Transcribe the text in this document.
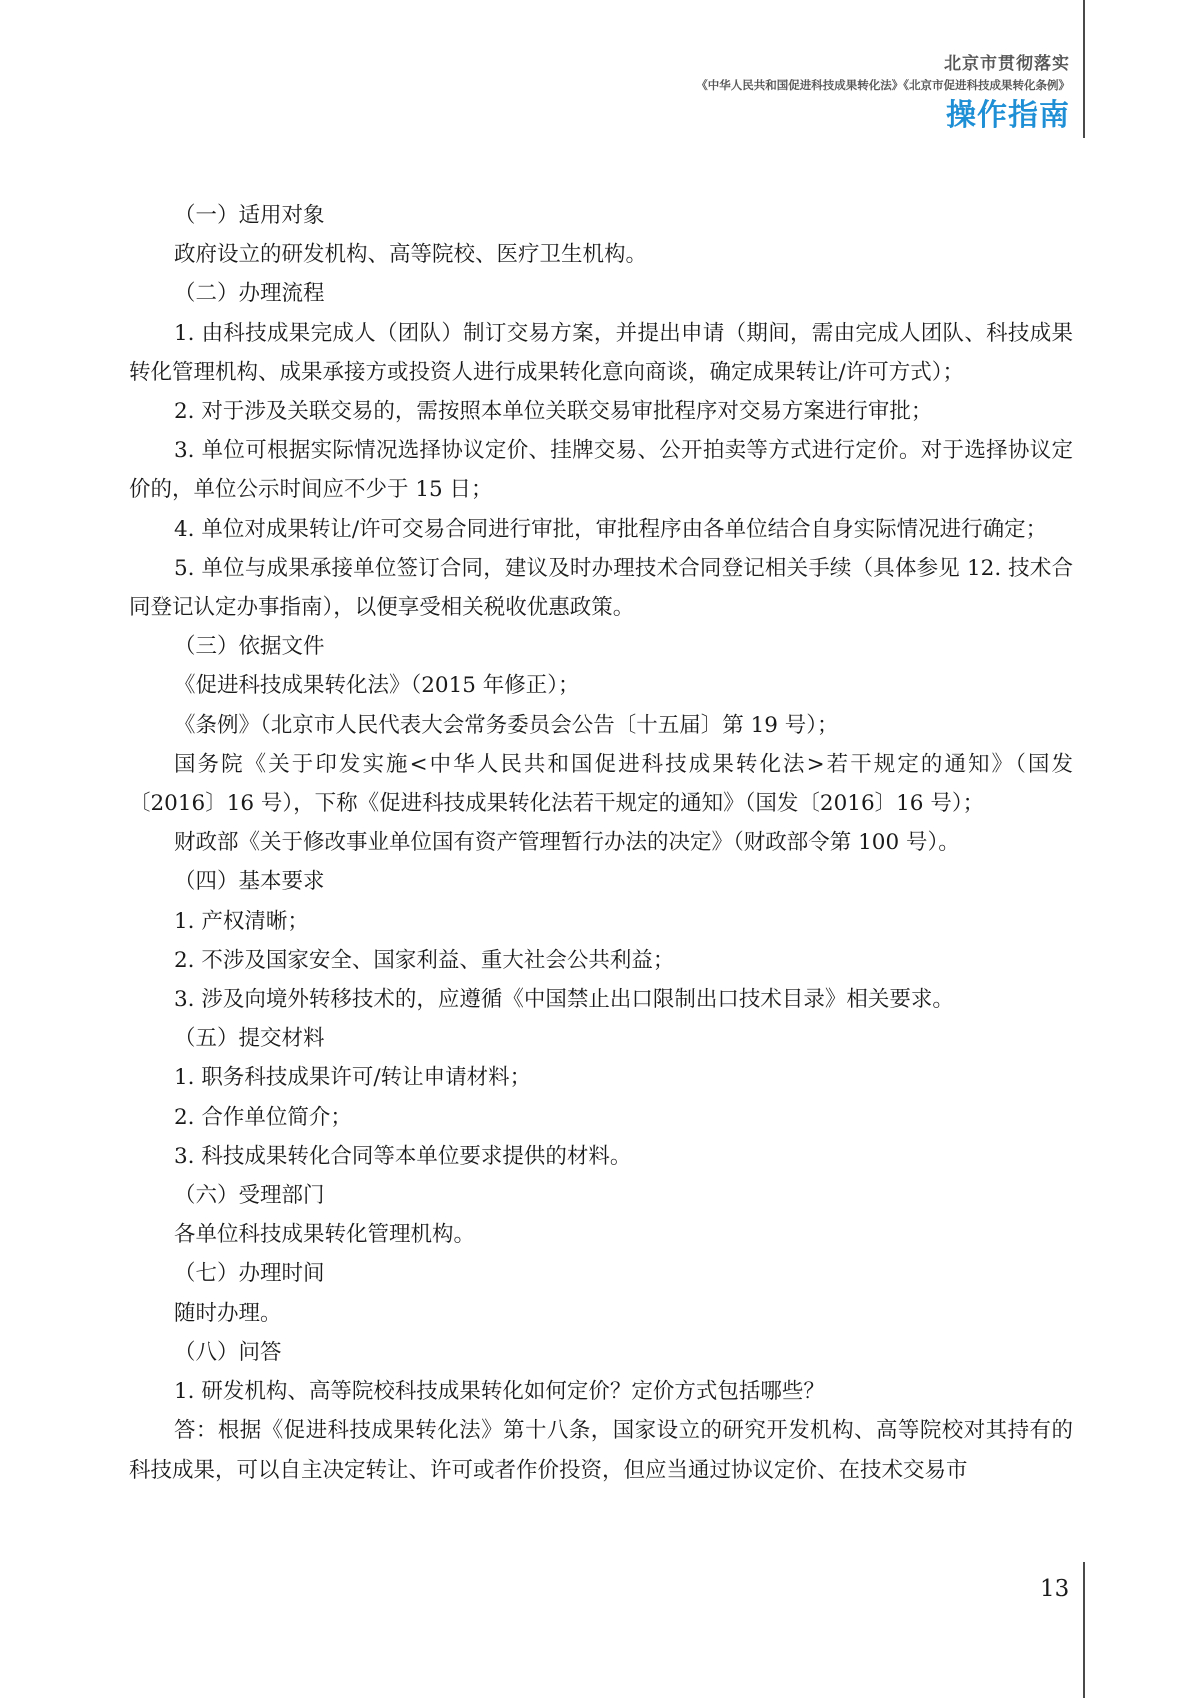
北京市贯彻落实
《中华人民共和国促进科技成果转化法》《北京市促进科技成果转化条例》
操作指南

（一）适用对象

政府设立的研发机构、高等院校、医疗卫生机构。

（二）办理流程

1. 由科技成果完成人（团队）制订交易方案，并提出申请（期间，需由完成人团队、科技成果转化管理机构、成果承接方或投资人进行成果转化意向商谈，确定成果转让/许可方式）；

2. 对于涉及关联交易的，需按照本单位关联交易审批程序对交易方案进行审批；

3. 单位可根据实际情况选择协议定价、挂牌交易、公开拍卖等方式进行定价。对于选择协议定价的，单位公示时间应不少于 15 日；

4. 单位对成果转让/许可交易合同进行审批，审批程序由各单位结合自身实际情况进行确定；

5. 单位与成果承接单位签订合同，建议及时办理技术合同登记相关手续（具体参见 12. 技术合同登记认定办事指南），以便享受相关税收优惠政策。

（三）依据文件

《促进科技成果转化法》（2015 年修正）；

《条例》（北京市人民代表大会常务委员会公告〔十五届〕第 19 号）；

国务院《关于印发实施<中华人民共和国促进科技成果转化法>若干规定的通知》（国发〔2016〕16 号），下称《促进科技成果转化法若干规定的通知》（国发〔2016〕16 号）；

财政部《关于修改事业单位国有资产管理暂行办法的决定》（财政部令第 100 号）。

（四）基本要求

1. 产权清晰；

2. 不涉及国家安全、国家利益、重大社会公共利益；

3. 涉及向境外转移技术的，应遵循《中国禁止出口限制出口技术目录》相关要求。

（五）提交材料

1. 职务科技成果许可/转让申请材料；

2. 合作单位简介；

3. 科技成果转化合同等本单位要求提供的材料。

（六）受理部门

各单位科技成果转化管理机构。

（七）办理时间

随时办理。

（八）问答

1. 研发机构、高等院校科技成果转化如何定价？定价方式包括哪些？

答：根据《促进科技成果转化法》第十八条，国家设立的研究开发机构、高等院校对其持有的科技成果，可以自主决定转让、许可或者作价投资，但应当通过协议定价、在技术交易市

13
